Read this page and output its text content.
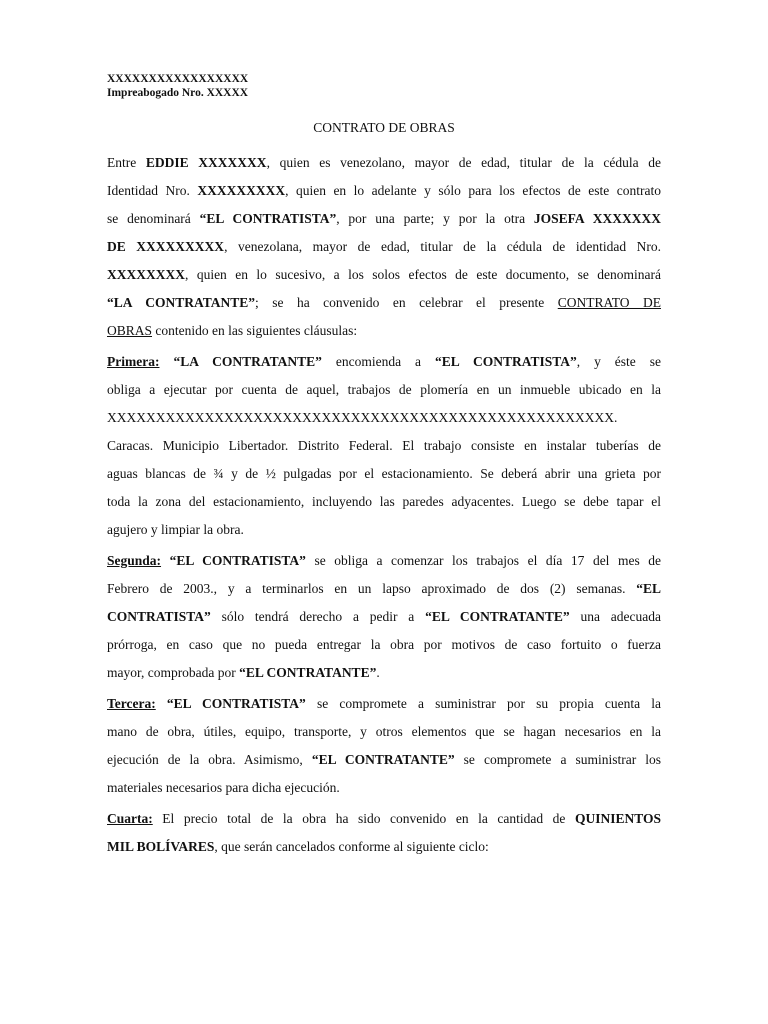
XXXXXXXXXXXXXXXXX
Impreabogado Nro. XXXXX
CONTRATO DE OBRAS
Entre EDDIE XXXXXXX, quien es venezolano, mayor de edad, titular de la cédula de
Identidad Nro. XXXXXXXXX, quien en lo adelante y sólo para los efectos de este contrato
se denominará “EL CONTRATISTA”, por una parte; y por la otra JOSEFA XXXXXXX
DE XXXXXXXXX, venezolana, mayor de edad, titular de la cédula de identidad Nro.
XXXXXXXX, quien en lo sucesivo, a los solos efectos de este documento, se denominará
“LA CONTRATANTE”; se ha convenido en celebrar el presente CONTRATO DE
OBRAS contenido en las siguientes cláusulas:
Primera: “LA CONTRATANTE” encomienda a “EL CONTRATISTA”, y éste se
obliga a ejecutar por cuenta de aquel, trabajos de plomería en un inmueble ubicado en la
XXXXXXXXXXXXXXXXXXXXXXXXXXXXXXXXXXXXXXXXXXXXXXXXXXXX.
Caracas. Municipio Libertador. Distrito Federal. El trabajo consiste en instalar tuberías de
aguas blancas de ¾ y de ½ pulgadas por el estacionamiento. Se deberá abrir una grieta por
toda la zona del estacionamiento, incluyendo las paredes adyacentes. Luego se debe tapar el
agujero y limpiar la obra.
Segunda: “EL CONTRATISTA” se obliga a comenzar los trabajos el día 17 del mes de
Febrero de 2003., y a terminarlos en un lapso aproximado de dos (2) semanas. “EL
CONTRATISTA” sólo tendrá derecho a pedir a “EL CONTRATANTE” una adecuada
prórroga, en caso que no pueda entregar la obra por motivos de caso fortuito o fuerza
mayor, comprobada por “EL CONTRATANTE”.
Tercera: “EL CONTRATISTA” se compromete a suministrar por su propia cuenta la
mano de obra, útiles, equipo, transporte, y otros elementos que se hagan necesarios en la
ejecución de la obra. Asimismo, “EL CONTRATANTE” se compromete a suministrar los
materiales necesarios para dicha ejecución.
Cuarta: El precio total de la obra ha sido convenido en la cantidad de QUINIENTOS
MIL BOLÍVARES, que serán cancelados conforme al siguiente ciclo:
